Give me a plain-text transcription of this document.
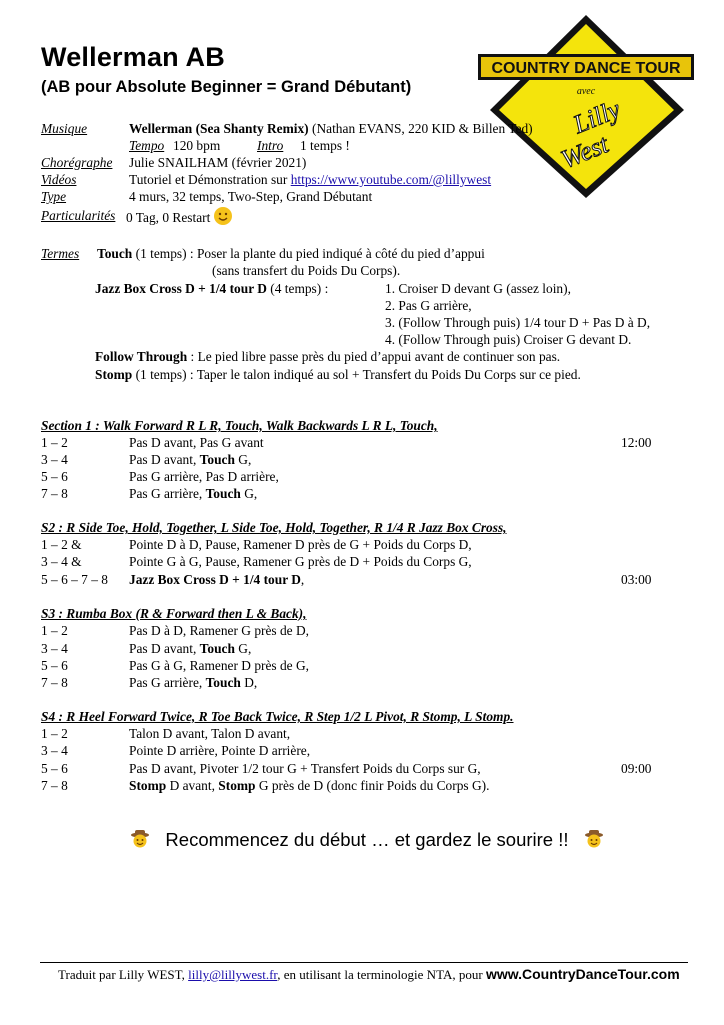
Wellerman AB
(AB pour Absolute Beginner = Grand Débutant)
COUNTRY DANCE TOUR
avec
Lilly
West
Musique	Wellerman (Sea Shanty Remix) (Nathan EVANS, 220 KID & Billen Ted)
Tempo 120 bpm	Intro 1 temps !
Chorégraphe Julie SNAILHAM (février 2021)
Vidéos	Tutoriel et Démonstration sur https://www.youtube.com/@lillywest
Type	4 murs, 32 temps, Two-Step, Grand Débutant
Particularités 0 Tag, 0 Restart
Termes Touch (1 temps) : Poser la plante du pied indiqué à côté du pied d’appui
(sans transfert du Poids Du Corps).
Jazz Box Cross D + 1/4 tour D (4 temps) :	1. Croiser D devant G (assez loin),
2. Pas G arrière,
3. (Follow Through puis) 1/4 tour D + Pas D à D,
4. (Follow Through puis) Croiser G devant D.
Follow Through : Le pied libre passe près du pied d’appui avant de continuer son pas.
Stomp (1 temps) : Taper le talon indiqué au sol + Transfert du Poids Du Corps sur ce pied.
Section 1 : Walk Forward R L R, Touch, Walk Backwards L R L, Touch,
1 – 2	Pas D avant, Pas G avant	12:00
3 – 4	Pas D avant, Touch G,
5 – 6	Pas G arrière, Pas D arrière,
7 – 8	Pas G arrière, Touch G,
S2 : R Side Toe, Hold, Together, L Side Toe, Hold, Together, R 1/4 R Jazz Box Cross,
1 – 2 &	Pointe D à D, Pause, Ramener D près de G + Poids du Corps D,
3 – 4 &	Pointe G à G, Pause, Ramener G près de D + Poids du Corps G,
5 – 6 – 7 – 8 Jazz Box Cross D + 1/4 tour D,	03:00
S3 : Rumba Box (R & Forward then L & Back),
1 – 2	Pas D à D, Ramener G près de D,
3 – 4	Pas D avant, Touch G,
5 – 6	Pas G à G, Ramener D près de G,
7 – 8	Pas G arrière, Touch D,
S4 : R Heel Forward Twice, R Toe Back Twice, R Step 1/2 L Pivot, R Stomp, L Stomp.
1 – 2	Talon D avant, Talon D avant,
3 – 4	Pointe D arrière, Pointe D arrière,
5 – 6	Pas D avant, Pivoter 1/2 tour G + Transfert Poids du Corps sur G,	09:00
7 – 8	Stomp D avant, Stomp G près de D (donc finir Poids du Corps G).
Recommencez du début … et gardez le sourire !!
Traduit par Lilly WEST, lilly@lillywest.fr, en utilisant la terminologie NTA, pour www.CountryDanceTour.com
